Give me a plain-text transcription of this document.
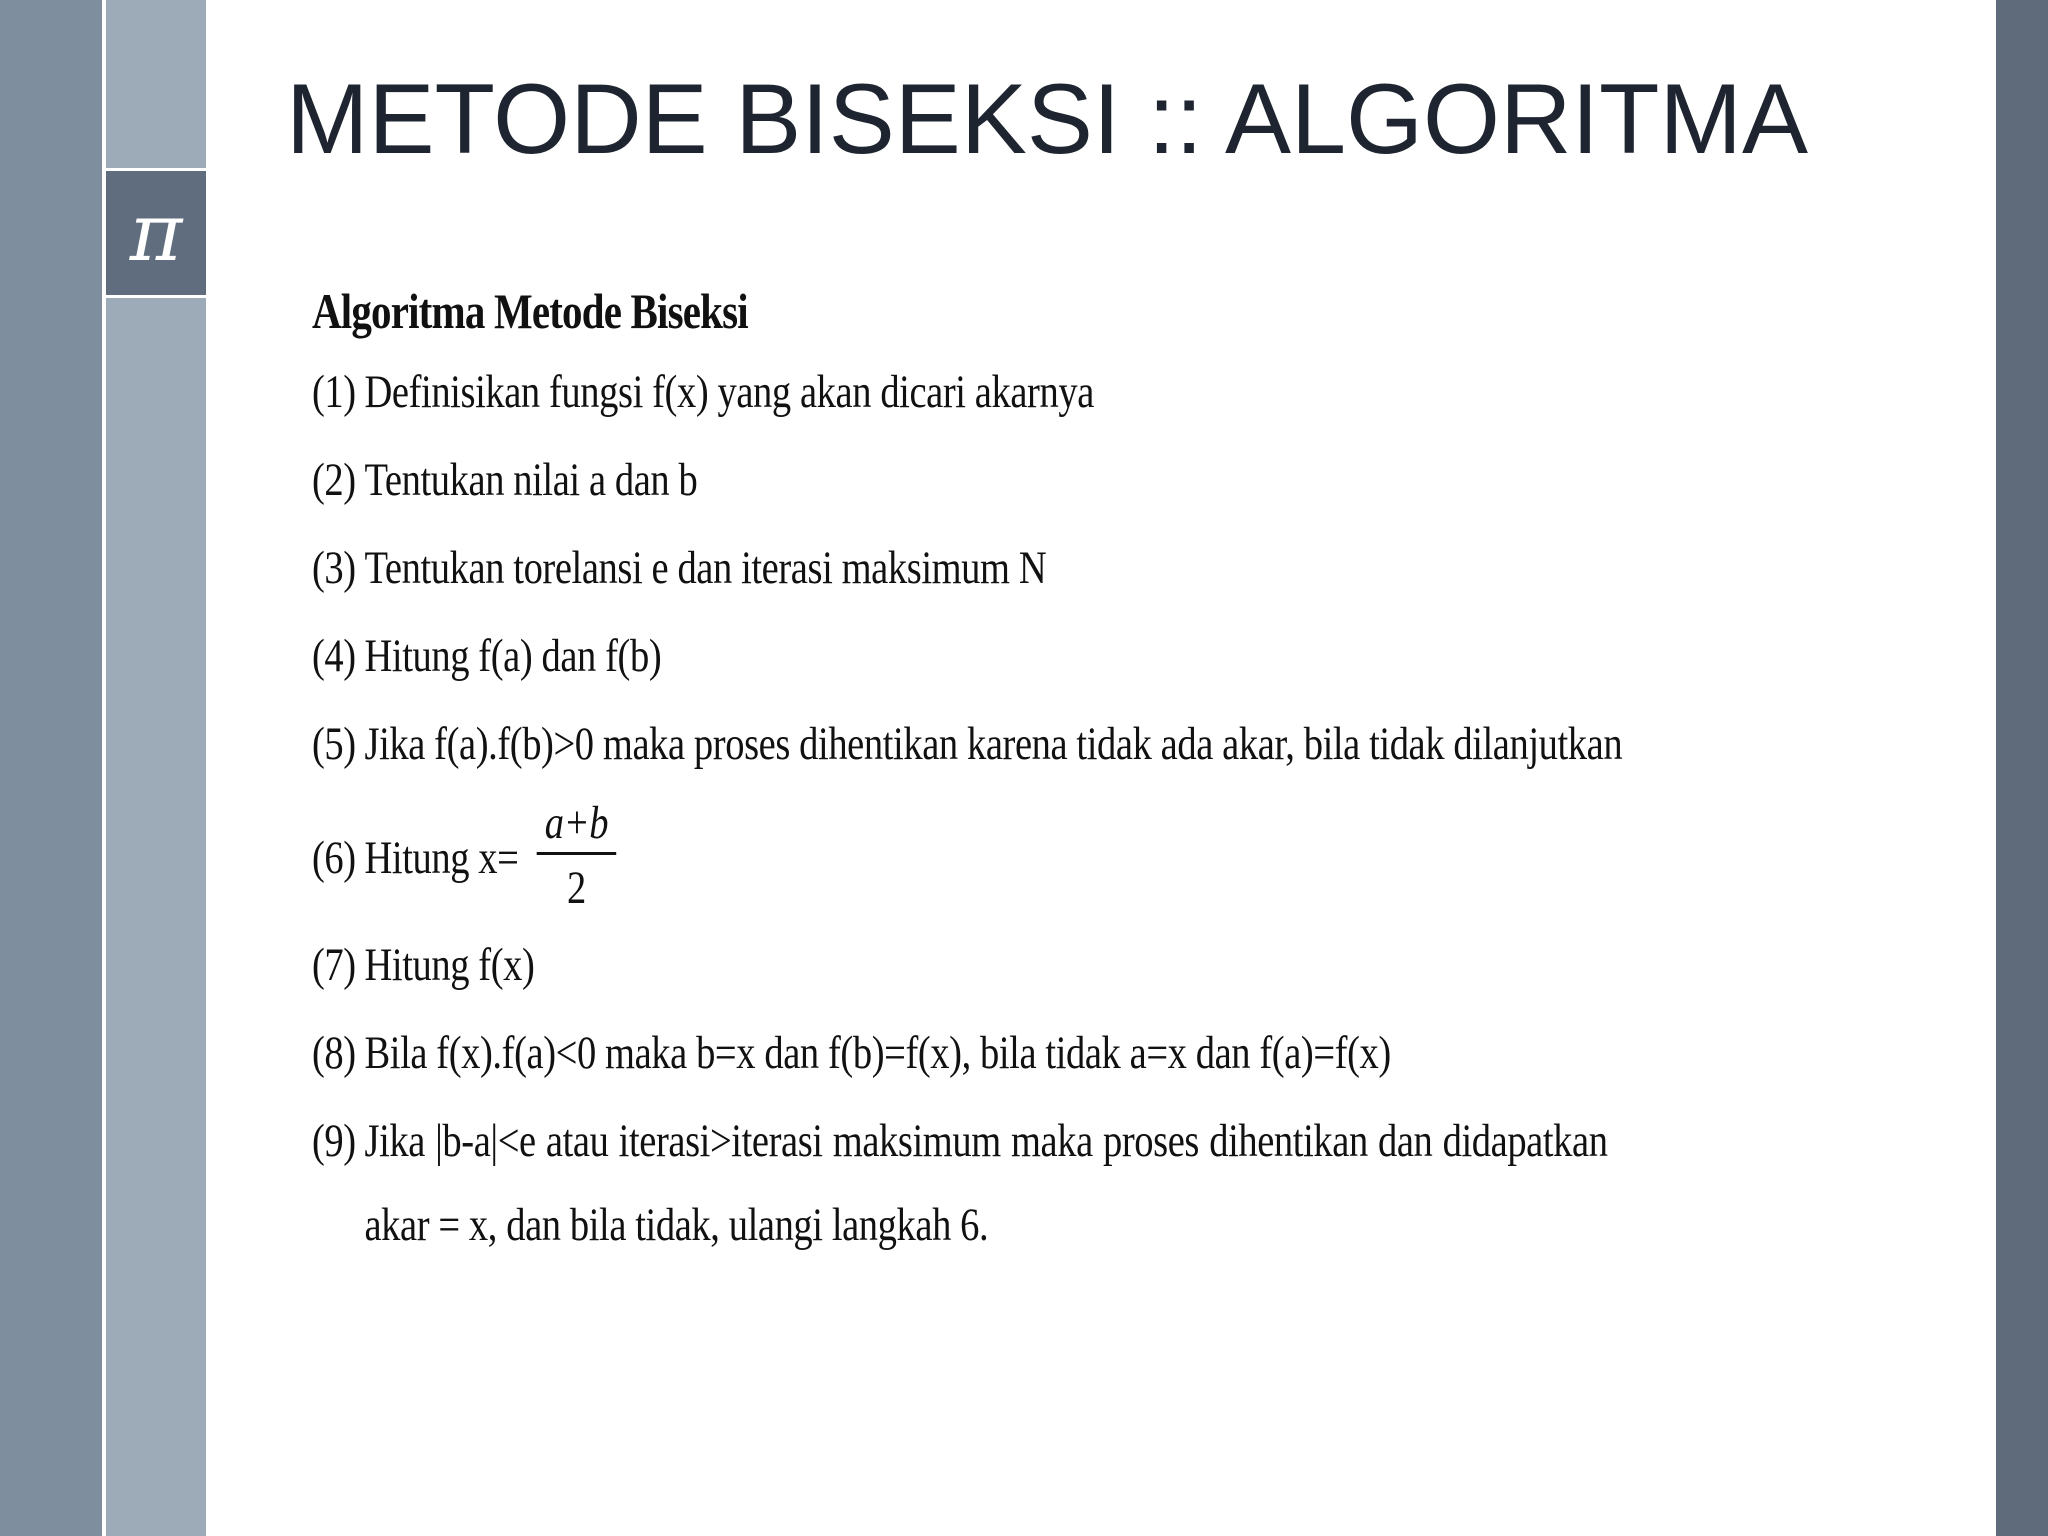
π
METODE BISEKSI :: ALGORITMA
Algoritma Metode Biseksi
(1) Definisikan fungsi f(x) yang akan dicari akarnya
(2) Tentukan nilai a dan b
(3) Tentukan torelansi e dan iterasi maksimum N
(4) Hitung f(a) dan f(b)
(5) Jika f(a).f(b)>0 maka proses dihentikan karena tidak ada akar, bila tidak dilanjutkan
(6) Hitung $x= \frac{a+b}{2}$
(7) Hitung f(x)
(8) Bila f(x).f(a)<0 maka b=x dan f(b)=f(x), bila tidak a=x dan f(a)=f(x)
(9) Jika |b-a|<e atau iterasi>iterasi maksimum maka proses dihentikan dan didapatkan akar = x, dan bila tidak, ulangi langkah 6.
